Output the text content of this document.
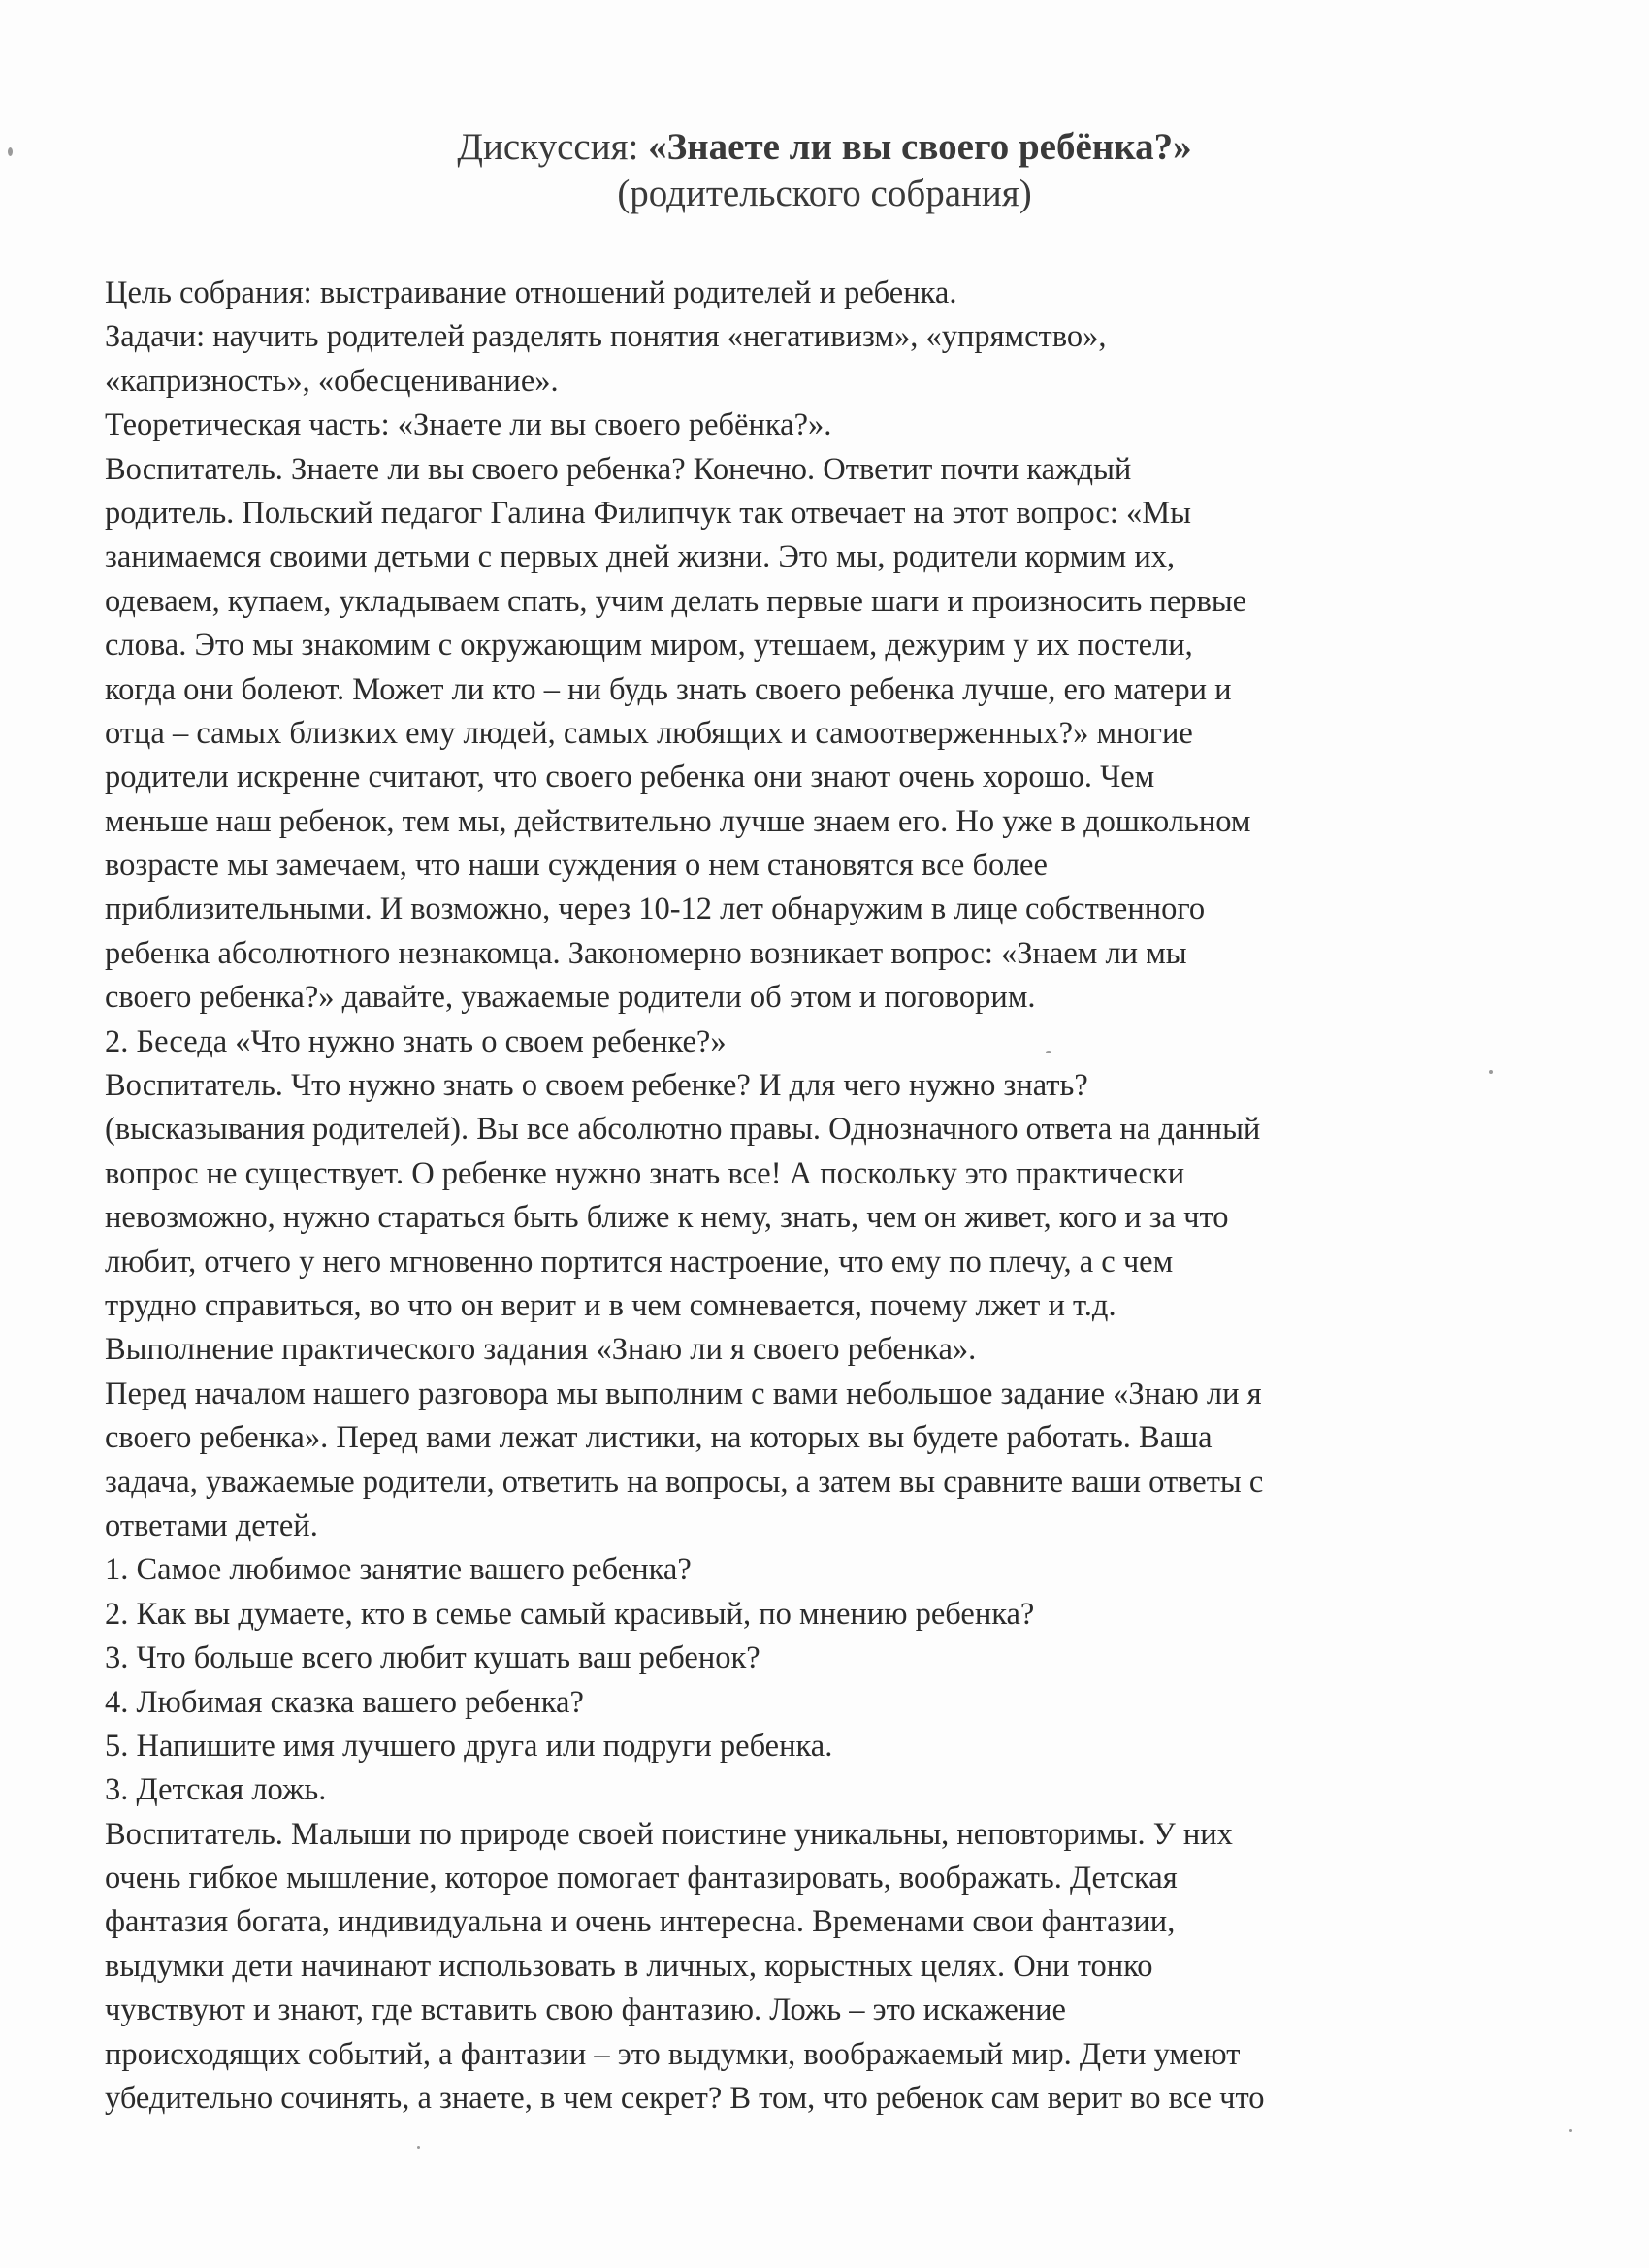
Дискуссия: «Знаете ли вы своего ребёнка?»

(родительского собрания)

Цель собрания: выстраивание отношений родителей и ребенка.

Задачи: научить родителей разделять понятия «негативизм», «упрямство»,

«капризность», «обесценивание».

Теоретическая часть: «Знаете ли вы своего ребёнка?».

Воспитатель. Знаете ли вы своего ребенка? Конечно. Ответит почти каждый

родитель. Польский педагог Галина Филипчук так отвечает на этот вопрос: «Мы

занимаемся своими детьми с первых дней жизни. Это мы, родители кормим их,

одеваем, купаем, укладываем спать, учим делать первые шаги и произносить первые

слова. Это мы знакомим с окружающим миром, утешаем, дежурим у их постели,

когда они болеют. Может ли кто – ни будь знать своего ребенка лучше, его матери и

отца – самых близких ему людей, самых любящих и самоотверженных?» многие

родители искренне считают, что своего ребенка они знают очень хорошо. Чем

меньше наш ребенок, тем мы, действительно лучше знаем его. Но уже в дошкольном

возрасте мы замечаем, что наши суждения о нем становятся все более

приблизительными. И возможно, через 10-12 лет обнаружим в лице собственного

ребенка абсолютного незнакомца. Закономерно возникает вопрос: «Знаем ли мы

своего ребенка?» давайте, уважаемые родители об этом и поговорим.

2. Беседа «Что нужно знать о своем ребенке?»

Воспитатель. Что нужно знать о своем ребенке? И для чего нужно знать?

(высказывания родителей). Вы все абсолютно правы. Однозначного ответа на данный

вопрос не существует. О ребенке нужно знать все! А поскольку это практически

невозможно, нужно стараться быть ближе к нему, знать, чем он живет, кого и за что

любит, отчего у него мгновенно портится настроение, что ему по плечу, а с чем

трудно справиться, во что он верит и в чем сомневается, почему лжет и т.д.

Выполнение практического задания «Знаю ли я своего ребенка».

Перед началом нашего разговора мы выполним с вами небольшое задание «Знаю ли я

своего ребенка». Перед вами лежат листики, на которых вы будете работать. Ваша

задача, уважаемые родители, ответить на вопросы, а затем вы сравните ваши ответы с

ответами детей.

1. Самое любимое занятие вашего ребенка?

2. Как вы думаете, кто в семье самый красивый, по мнению ребенка?

3. Что больше всего любит кушать ваш ребенок?

4. Любимая сказка вашего ребенка?

5. Напишите имя лучшего друга или подруги ребенка.

3. Детская ложь.

Воспитатель. Малыши по природе своей поистине уникальны, неповторимы. У них

очень гибкое мышление, которое помогает фантазировать, воображать. Детская

фантазия богата, индивидуальна и очень интересна. Временами свои фантазии,

выдумки дети начинают использовать в личных, корыстных целях. Они тонко

чувствуют и знают, где вставить свою фантазию. Ложь – это искажение

происходящих событий, а фантазии – это выдумки, воображаемый мир. Дети умеют

убедительно сочинять, а знаете, в чем секрет? В том, что ребенок сам верит во все что
